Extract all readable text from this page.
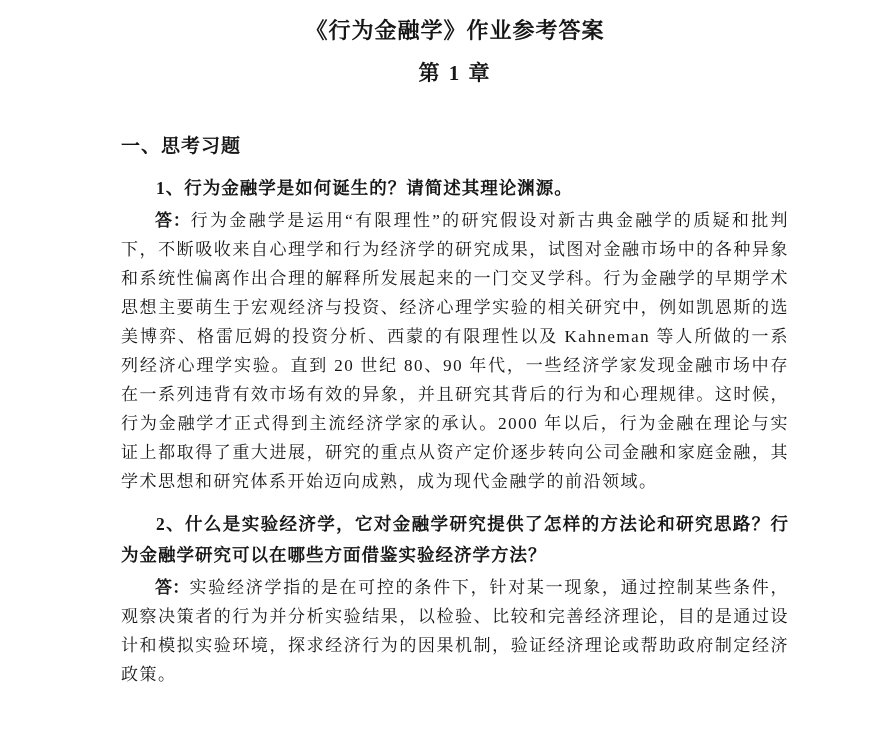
《行为金融学》作业参考答案
第 1 章
一、思考习题

1、行为金融学是如何诞生的？请简述其理论渊源。

答：行为金融学是运用“有限理性”的研究假设对新古典金融学的质疑和批判下，不断吸收来自心理学和行为经济学的研究成果，试图对金融市场中的各种异象和系统性偏离作出合理的解释所发展起来的一门交叉学科。行为金融学的早期学术思想主要萌生于宏观经济与投资、经济心理学实验的相关研究中，例如凯恩斯的选美博弈、格雷厄姆的投资分析、西蒙的有限理性以及 Kahneman 等人所做的一系列经济心理学实验。直到 20 世纪 80、90 年代，一些经济学家发现金融市场中存在一系列违背有效市场有效的异象，并且研究其背后的行为和心理规律。这时候，行为金融学才正式得到主流经济学家的承认。2000 年以后，行为金融在理论与实证上都取得了重大进展，研究的重点从资产定价逐步转向公司金融和家庭金融，其学术思想和研究体系开始迈向成熟，成为现代金融学的前沿领域。

2、什么是实验经济学，它对金融学研究提供了怎样的方法论和研究思路？行为金融学研究可以在哪些方面借鉴实验经济学方法？

答：实验经济学指的是在可控的条件下，针对某一现象，通过控制某些条件，观察决策者的行为并分析实验结果，以检验、比较和完善经济理论，目的是通过设计和模拟实验环境，探求经济行为的因果机制，验证经济理论或帮助政府制定经济政策。
